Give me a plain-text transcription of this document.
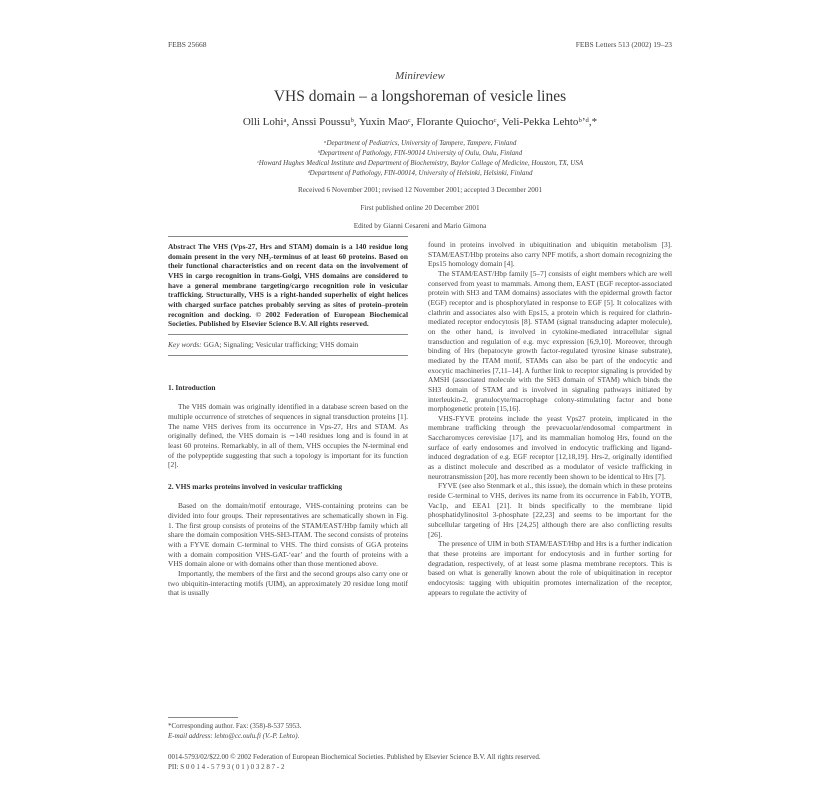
FEBS 25668	FEBS Letters 513 (2002) 19–23
Minireview
VHS domain – a longshoreman of vesicle lines
Olli Lohiᵃ, Anssi Poussuᵇ, Yuxin Maoᶜ, Florante Quiochoᶜ, Veli-Pekka Lehtoᵇʼᵈ,*
ᵃDepartment of Pediatrics, University of Tampere, Tampere, Finland
ᵇDepartment of Pathology, FIN-90014 University of Oulu, Oulu, Finland
ᶜHoward Hughes Medical Institute and Department of Biochemistry, Baylor College of Medicine, Houston, TX, USA
ᵈDepartment of Pathology, FIN-00014, University of Helsinki, Helsinki, Finland
Received 6 November 2001; revised 12 November 2001; accepted 3 December 2001
First published online 20 December 2001
Edited by Gianni Cesareni and Mario Gimona

Abstract The VHS (Vps-27, Hrs and STAM) domain is a 140 residue long domain present in the very NH₂-terminus of at least 60 proteins. Based on their functional characteristics and on recent data on the involvement of VHS in cargo recognition in trans-Golgi, VHS domains are considered to have a general membrane targeting/cargo recognition role in vesicular trafficking. Structurally, VHS is a right-handed superhelix of eight helices with charged surface patches probably serving as sites of protein–protein recognition and docking. © 2002 Federation of European Biochemical Societies. Published by Elsevier Science B.V. All rights reserved.

Key words: GGA; Signaling; Vesicular trafficking; VHS domain

1. Introduction

The VHS domain was originally identified in a database screen based on the multiple occurrence of stretches of sequences in signal transduction proteins [1]. The name VHS derives from its occurrence in Vps-27, Hrs and STAM. As originally defined, the VHS domain is ∼140 residues long and is found in at least 60 proteins. Remarkably, in all of them, VHS occupies the N-terminal end of the polypeptide suggesting that such a topology is important for its function [2].

2. VHS marks proteins involved in vesicular trafficking

Based on the domain/motif entourage, VHS-containing proteins can be divided into four groups. Their representatives are schematically shown in Fig. 1. The first group consists of proteins of the STAM/EAST/Hbp family which all share the domain composition VHS-SH3-ITAM. The second consists of proteins with a FYVE domain C-terminal to VHS. The third consists of GGA proteins with a domain composition VHS-GAT-‘ear’ and the fourth of proteins with a VHS domain alone or with domains other than those mentioned above.

Importantly, the members of the first and the second groups also carry one or two ubiquitin-interacting motifs (UIM), an approximately 20 residue long motif that is usually

*Corresponding author. Fax: (358)-8-537 5953.
E-mail address: lehto@cc.oulu.fi (V.-P. Lehto).

found in proteins involved in ubiquitination and ubiquitin metabolism [3]. STAM/EAST/Hbp proteins also carry NPF motifs, a short domain recognizing the Eps15 homology domain [4].

The STAM/EAST/Hbp family [5–7] consists of eight members which are well conserved from yeast to mammals. Among them, EAST (EGF receptor-associated protein with SH3 and TAM domains) associates with the epidermal growth factor (EGF) receptor and is phosphorylated in response to EGF [5]. It colocalizes with clathrin and associates also with Eps15, a protein which is required for clathrin-mediated receptor endocytosis [8]. STAM (signal transducing adapter molecule), on the other hand, is involved in cytokine-mediated intracellular signal transduction and regulation of e.g. myc expression [6,9,10]. Moreover, through binding of Hrs (hepatocyte growth factor-regulated tyrosine kinase substrate), mediated by the ITAM motif, STAMs can also be part of the endocytic and exocytic machineries [7,11–14]. A further link to receptor signaling is provided by AMSH (associated molecule with the SH3 domain of STAM) which binds the SH3 domain of STAM and is involved in signaling pathways initiated by interleukin-2, granulocyte/macrophage colony-stimulating factor and bone morphogenetic protein [15,16].

VHS-FYVE proteins include the yeast Vps27 protein, implicated in the membrane trafficking through the prevacuolar/endosomal compartment in Saccharomyces cerevisiae [17], and its mammalian homolog Hrs, found on the surface of early endosomes and involved in endocytic trafficking and ligand-induced degradation of e.g. EGF receptor [12,18,19]. Hrs-2, originally identified as a distinct molecule and described as a modulator of vesicle trafficking in neurotransmission [20], has more recently been shown to be identical to Hrs [7].

FYVE (see also Stenmark et al., this issue), the domain which in these proteins reside C-terminal to VHS, derives its name from its occurrence in Fab1b, YOTB, Vac1p, and EEA1 [21]. It binds specifically to the membrane lipid phosphatidylinositol 3-phosphate [22,23] and seems to be important for the subcellular targeting of Hrs [24,25] although there are also conflicting results [26].

The presence of UIM in both STAM/EAST/Hbp and Hrs is a further indication that these proteins are important for endocytosis and in further sorting for degradation, respectively, of at least some plasma membrane receptors. This is based on what is generally known about the role of ubiquitination in receptor endocytosis: tagging with ubiquitin promotes internalization of the receptor, appears to regulate the activity of

0014-5793/02/$22.00 © 2002 Federation of European Biochemical Societies. Published by Elsevier Science B.V. All rights reserved.
PII: S 0 0 1 4 - 5 7 9 3 ( 0 1 ) 0 3 2 8 7 - 2
